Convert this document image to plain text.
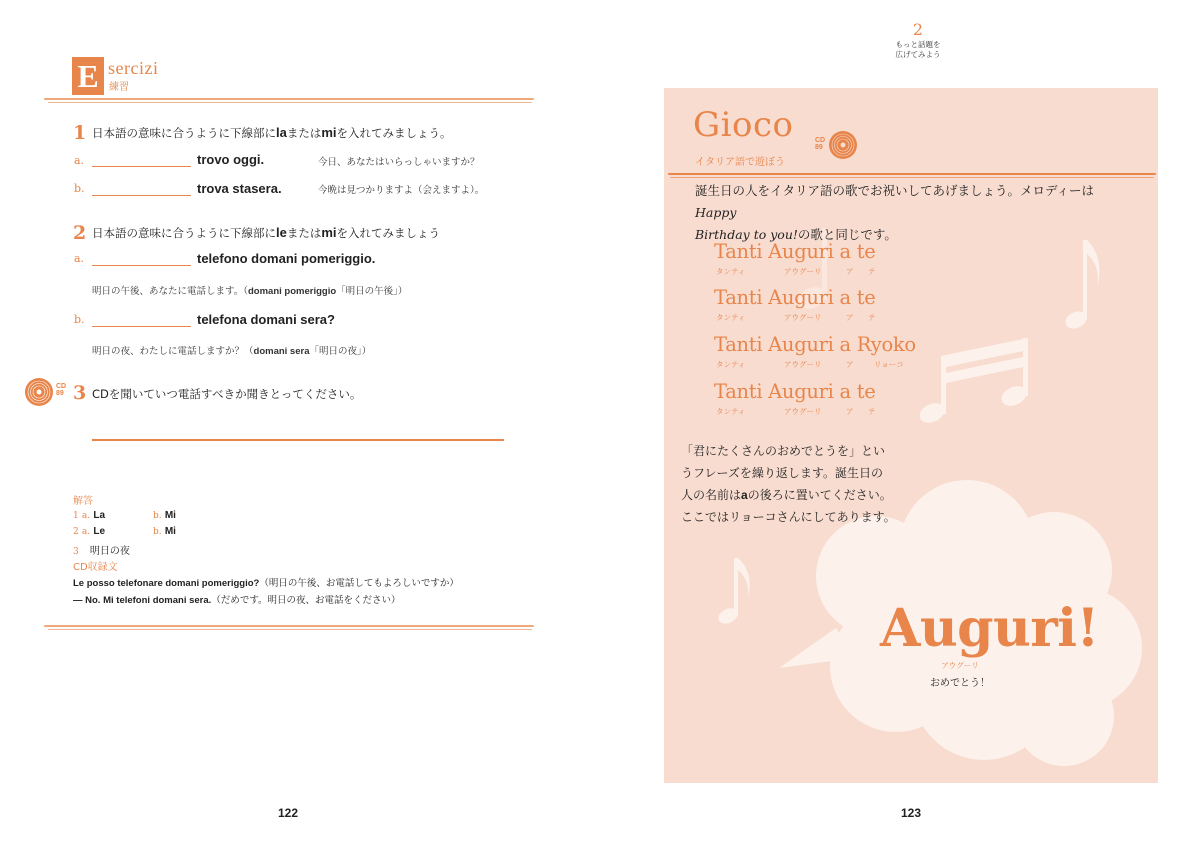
E sercizi
練習
1 日本語の意味に合うように下線部にlaまたはmiを入れてみましょう。
a.	trovo oggi.	今日、あなたはいらっしゃいますか？
b.	trova stasera.	今晩は見つかりますよ（会えますよ）。
2 日本語の意味に合うように下線部にleまたはmiを入れてみましょう
a.	telefono domani pomeriggio.
明日の午後、あなたに電話します。（domani pomeriggio「明日の午後」）
b.	telefona domani sera?
明日の夜、わたしに電話しますか？（domani sera「明日の夜」）
CD
89 3 CDを聞いていつ電話すべきか聞きとってください。
解答
1 a. La	b. Mi
2 a. Le	b. Mi
3 明日の夜
CD収録文
Le posso telefonare domani pomeriggio?（明日の午後、お電話してもよろしいですか）
— No. Mi telefoni domani sera.（だめです。明日の夜、お電話をください）
122
2
もっと話題を
広げてみよう
Gioco
イタリア語で遊ぼう
CD
89
誕生日の人をイタリア語の歌でお祝いしてあげましょう。メロディーはHappy
Birthday to you!の歌と同じです。
Tanti Auguri a te
タンティ	アウグーリ	ア テ
Tanti Auguri a te
タンティ	アウグーリ	ア テ
Tanti Auguri a Ryoko
タンティ	アウグーリ	ア	リョーコ
Tanti Auguri a te
タンティ	アウグーリ	ア テ
「君にたくさんのおめでとうを」とい
うフレーズを繰り返します。誕生日の
人の名前はaの後ろに置いてください。
ここではリョーコさんにしてあります。
Auguri!
アウグーリ
おめでとう！
123
